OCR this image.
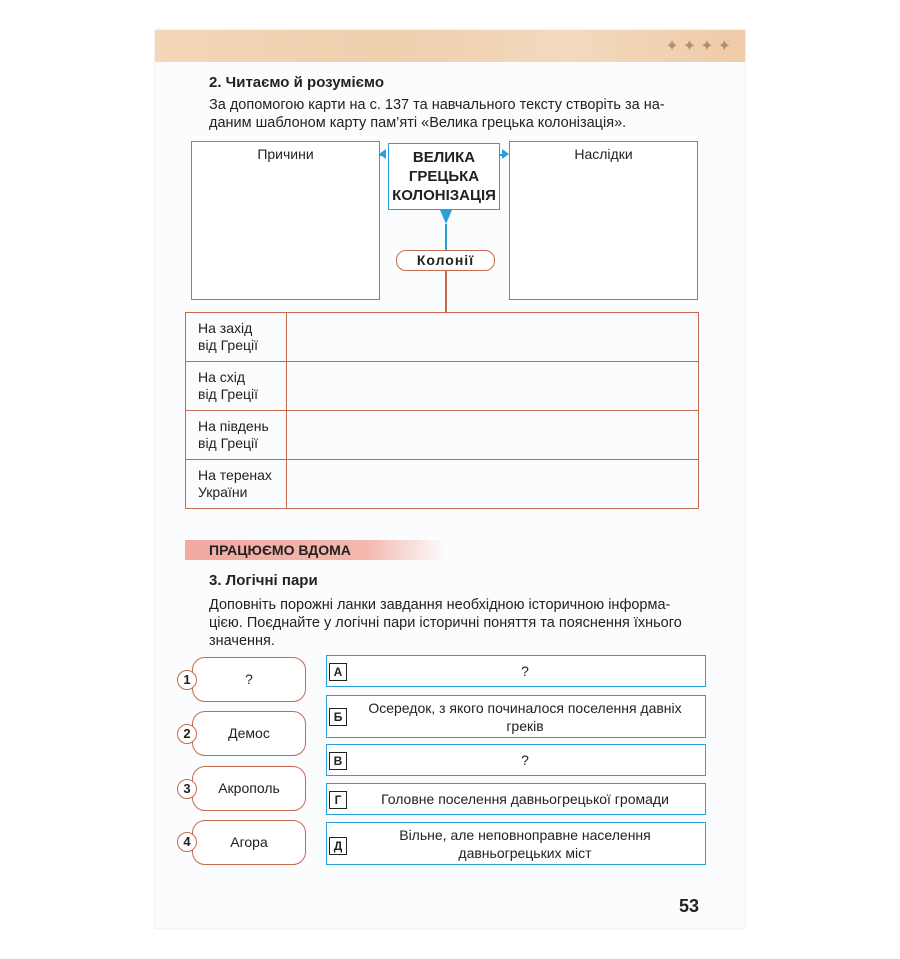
✦✦✦✦
2. Читаємо й розуміємо
За допомогою карти на с. 137 та навчального тексту створіть за на-
даним шаблоном карту пам’яті «Велика грецька колонізація».
Причини	Наслідки
ВЕЛИКА
ГРЕЦЬКА
КОЛОНІЗАЦІЯ
Колонії
На захід
від Греції	

На схід
від Греції	

На південь
від Греції	

На теренах
України	

ПРАЦЮЄМО ВДОМА
3. Логічні пари
Доповніть порожні ланки завдання необхідною історичною інформа-
цією. Поєднайте у логічні пари історичні поняття та пояснення їхнього
значення.
?
1
Демос
2
Акрополь
3
Агора
4
А	?
Б
Осередок, з якого починалося поселення давніх
греків
В	?
Г	Головне поселення давньогрецької громади
Д
Вільне, але неповноправне населення
давньогрецьких міст
53
